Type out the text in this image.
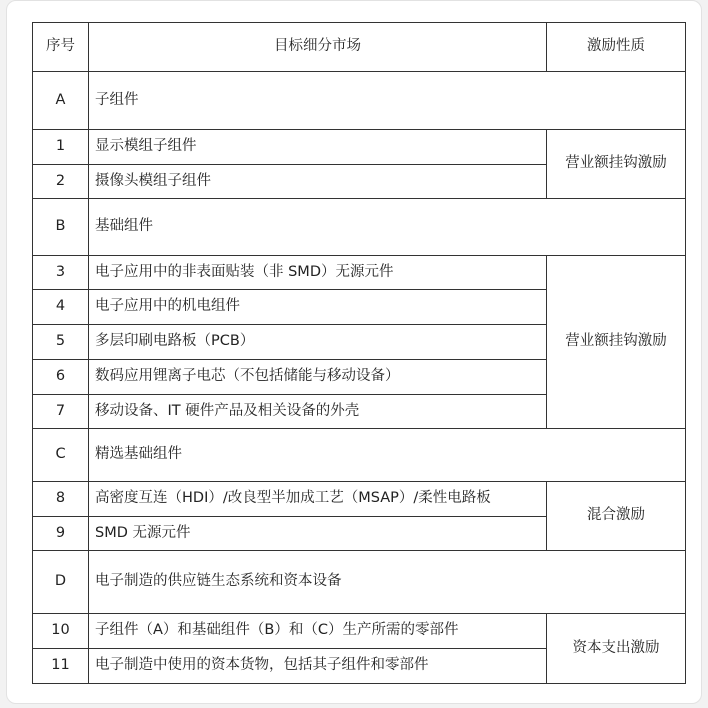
序号	目标细分市场	激励性质
A	子组件	
1	显示模组子组件	营业额挂钩激励
2	摄像头模组子组件	
B	基础组件	
3	电子应用中的非表面贴装（非 SMD）无源元件	营业额挂钩激励
4	电子应用中的机电组件	
5	多层印刷电路板（PCB）	
6	数码应用锂离子电芯（不包括储能与移动设备）	
7	移动设备、IT 硬件产品及相关设备的外壳	
C	精选基础组件	
8	高密度互连（HDI）/改良型半加成工艺（MSAP）/柔性电路板	混合激励
9	SMD 无源元件	
D	电子制造的供应链生态系统和资本设备	
10	子组件（A）和基础组件（B）和（C）生产所需的零部件	资本支出激励
11	电子制造中使用的资本货物，包括其子组件和零部件	
